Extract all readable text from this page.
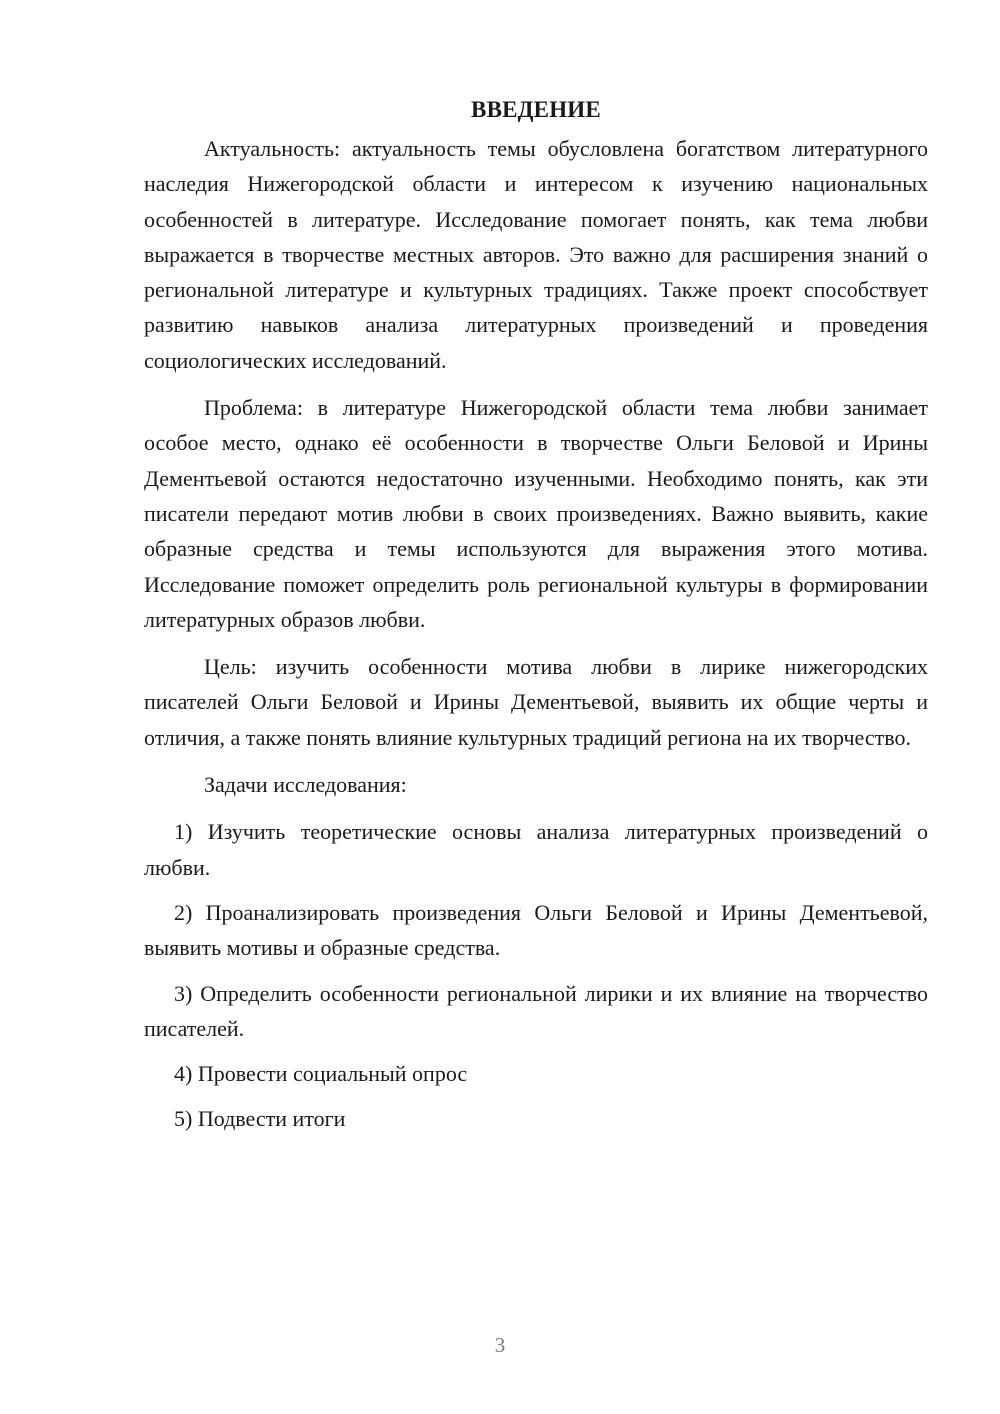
ВВЕДЕНИЕ

Актуальность: актуальность темы обусловлена богатством литературного наследия Нижегородской области и интересом к изучению национальных особенностей в литературе. Исследование помогает понять, как тема любви выражается в творчестве местных авторов. Это важно для расширения знаний о региональной литературе и культурных традициях. Также проект способствует развитию навыков анализа литературных произведений и проведения социологических исследований.

Проблема: в литературе Нижегородской области тема любви занимает особое место, однако её особенности в творчестве Ольги Беловой и Ирины Дементьевой остаются недостаточно изученными. Необходимо понять, как эти писатели передают мотив любви в своих произведениях. Важно выявить, какие образные средства и темы используются для выражения этого мотива. Исследование поможет определить роль региональной культуры в формировании литературных образов любви.

Цель: изучить особенности мотива любви в лирике нижегородских писателей Ольги Беловой и Ирины Дементьевой, выявить их общие черты и отличия, а также понять влияние культурных традиций региона на их творчество.

Задачи исследования:

1) Изучить теоретические основы анализа литературных произведений о любви.

2) Проанализировать произведения Ольги Беловой и Ирины Дементьевой, выявить мотивы и образные средства.

3) Определить особенности региональной лирики и их влияние на творчество писателей.

4) Провести социальный опрос

5) Подвести итоги

3
